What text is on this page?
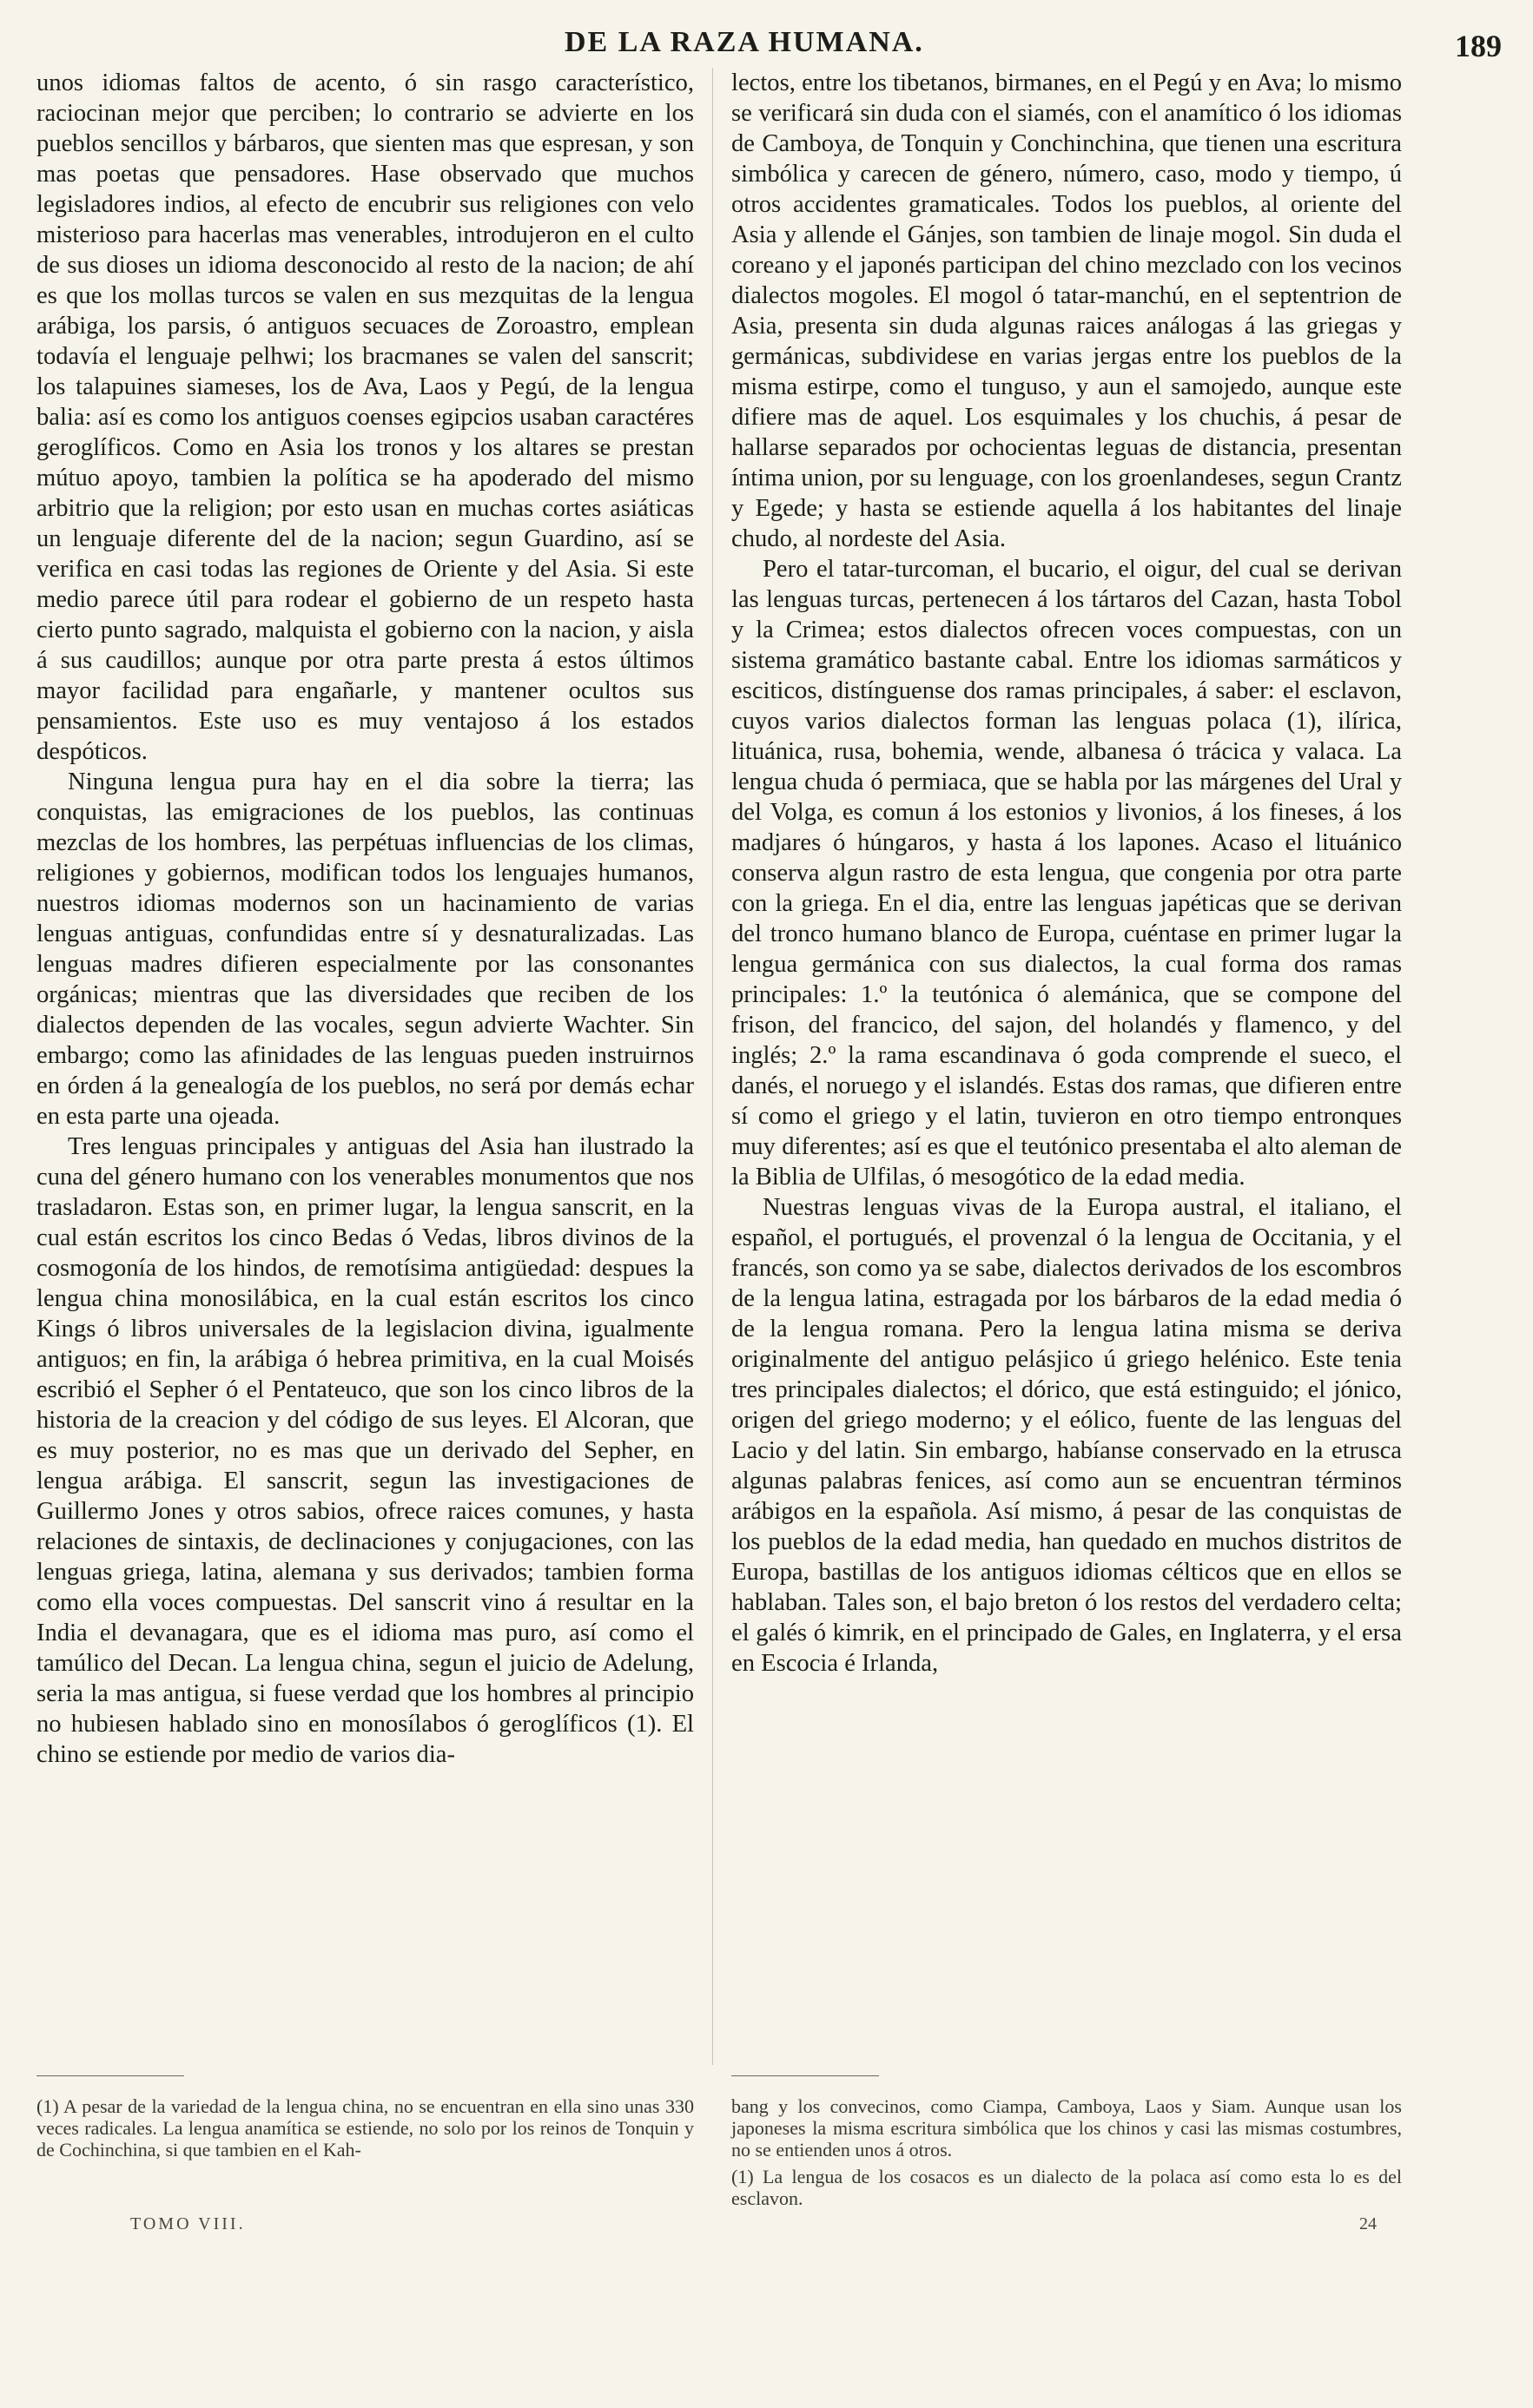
DE LA RAZA HUMANA.	189

unos idiomas faltos de acento, ó sin rasgo característico, raciocinan mejor que perciben; lo contrario se advierte en los pueblos sencillos y bárbaros, que sienten mas que espresan, y son mas poetas que pensadores. Hase observado que muchos legisladores indios, al efecto de encubrir sus religiones con velo misterioso para hacerlas mas venerables, introdujeron en el culto de sus dioses un idioma desconocido al resto de la nacion; de ahí es que los mollas turcos se valen en sus mezquitas de la lengua arábiga, los parsis, ó antiguos secuaces de Zoroastro, emplean todavía el lenguaje pelhwi; los bracmanes se valen del sanscrit; los talapuines siameses, los de Ava, Laos y Pegú, de la lengua balia: así es como los antiguos coenses egipcios usaban caractéres geroglíficos. Como en Asia los tronos y los altares se prestan mútuo apoyo, tambien la política se ha apoderado del mismo arbitrio que la religion; por esto usan en muchas cortes asiáticas un lenguaje diferente del de la nacion; segun Guardino, así se verifica en casi todas las regiones de Oriente y del Asia. Si este medio parece útil para rodear el gobierno de un respeto hasta cierto punto sagrado, malquista el gobierno con la nacion, y aisla á sus caudillos; aunque por otra parte presta á estos últimos mayor facilidad para engañarle, y mantener ocultos sus pensamientos. Este uso es muy ventajoso á los estados despóticos.

Ninguna lengua pura hay en el dia sobre la tierra; las conquistas, las emigraciones de los pueblos, las continuas mezclas de los hombres, las perpétuas influencias de los climas, religiones y gobiernos, modifican todos los lenguajes humanos, nuestros idiomas modernos son un hacinamiento de varias lenguas antiguas, confundidas entre sí y desnaturalizadas. Las lenguas madres difieren especialmente por las consonantes orgánicas; mientras que las diversidades que reciben de los dialectos dependen de las vocales, segun advierte Wachter. Sin embargo; como las afinidades de las lenguas pueden instruirnos en órden á la genealogía de los pueblos, no será por demás echar en esta parte una ojeada.

Tres lenguas principales y antiguas del Asia han ilustrado la cuna del género humano con los venerables monumentos que nos trasladaron. Estas son, en primer lugar, la lengua sanscrit, en la cual están escritos los cinco Bedas ó Vedas, libros divinos de la cosmogonía de los hindos, de remotísima antigüedad: despues la lengua china monosilábica, en la cual están escritos los cinco Kings ó libros universales de la legislacion divina, igualmente antiguos; en fin, la arábiga ó hebrea primitiva, en la cual Moisés escribió el Sepher ó el Pentateuco, que son los cinco libros de la historia de la creacion y del código de sus leyes. El Alcoran, que es muy posterior, no es mas que un derivado del Sepher, en lengua arábiga. El sanscrit, segun las investigaciones de Guillermo Jones y otros sabios, ofrece raices comunes, y hasta relaciones de sintaxis, de declinaciones y conjugaciones, con las lenguas griega, latina, alemana y sus derivados; tambien forma como ella voces compuestas. Del sanscrit vino á resultar en la India el devanagara, que es el idioma mas puro, así como el tamúlico del Decan. La lengua china, segun el juicio de Adelung, seria la mas antigua, si fuese verdad que los hombres al principio no hubiesen hablado sino en monosílabos ó geroglíficos (1). El chino se estiende por medio de varios dia-

lectos, entre los tibetanos, birmanes, en el Pegú y en Ava; lo mismo se verificará sin duda con el siamés, con el anamítico ó los idiomas de Camboya, de Tonquin y Conchinchina, que tienen una escritura simbólica y carecen de género, número, caso, modo y tiempo, ú otros accidentes gramaticales. Todos los pueblos, al oriente del Asia y allende el Gánjes, son tambien de linaje mogol. Sin duda el coreano y el japonés participan del chino mezclado con los vecinos dialectos mogoles. El mogol ó tatar-manchú, en el septentrion de Asia, presenta sin duda algunas raices análogas á las griegas y germánicas, subdividese en varias jergas entre los pueblos de la misma estirpe, como el tunguso, y aun el samojedo, aunque este difiere mas de aquel. Los esquimales y los chuchis, á pesar de hallarse separados por ochocientas leguas de distancia, presentan íntima union, por su lenguage, con los groenlandeses, segun Crantz y Egede; y hasta se estiende aquella á los habitantes del linaje chudo, al nordeste del Asia.

Pero el tatar-turcoman, el bucario, el oigur, del cual se derivan las lenguas turcas, pertenecen á los tártaros del Cazan, hasta Tobol y la Crimea; estos dialectos ofrecen voces compuestas, con un sistema gramático bastante cabal. Entre los idiomas sarmáticos y esciticos, distínguense dos ramas principales, á saber: el esclavon, cuyos varios dialectos forman las lenguas polaca (1), ilírica, lituánica, rusa, bohemia, wende, albanesa ó trácica y valaca. La lengua chuda ó permiaca, que se habla por las márgenes del Ural y del Volga, es comun á los estonios y livonios, á los fineses, á los madjares ó húngaros, y hasta á los lapones. Acaso el lituánico conserva algun rastro de esta lengua, que congenia por otra parte con la griega. En el dia, entre las lenguas japéticas que se derivan del tronco humano blanco de Europa, cuéntase en primer lugar la lengua germánica con sus dialectos, la cual forma dos ramas principales: 1.º la teutónica ó alemánica, que se compone del frison, del francico, del sajon, del holandés y flamenco, y del inglés; 2.º la rama escandinava ó goda comprende el sueco, el danés, el noruego y el islandés. Estas dos ramas, que difieren entre sí como el griego y el latin, tuvieron en otro tiempo entronques muy diferentes; así es que el teutónico presentaba el alto aleman de la Biblia de Ulfilas, ó mesogótico de la edad media.

Nuestras lenguas vivas de la Europa austral, el italiano, el español, el portugués, el provenzal ó la lengua de Occitania, y el francés, son como ya se sabe, dialectos derivados de los escombros de la lengua latina, estragada por los bárbaros de la edad media ó de la lengua romana. Pero la lengua latina misma se deriva originalmente del antiguo pelásjico ú griego helénico. Este tenia tres principales dialectos; el dórico, que está estinguido; el jónico, origen del griego moderno; y el eólico, fuente de las lenguas del Lacio y del latin. Sin embargo, habíanse conservado en la etrusca algunas palabras fenices, así como aun se encuentran términos arábigos en la española. Así mismo, á pesar de las conquistas de los pueblos de la edad media, han quedado en muchos distritos de Europa, bastillas de los antiguos idiomas célticos que en ellos se hablaban. Tales son, el bajo breton ó los restos del verdadero celta; el galés ó kimrik, en el principado de Gales, en Inglaterra, y el ersa en Escocia é Irlanda,

(1) A pesar de la variedad de la lengua china, no se encuentran en ella sino unas 330 veces radicales. La lengua anamítica se estiende, no solo por los reinos de Tonquin y de Cochinchina, si que tambien en el Kah-

bang y los convecinos, como Ciampa, Camboya, Laos y Siam. Aunque usan los japoneses la misma escritura simbólica que los chinos y casi las mismas costumbres, no se entienden unos á otros.

(1) La lengua de los cosacos es un dialecto de la polaca así como esta lo es del esclavon.

TOMO VIII.	24
